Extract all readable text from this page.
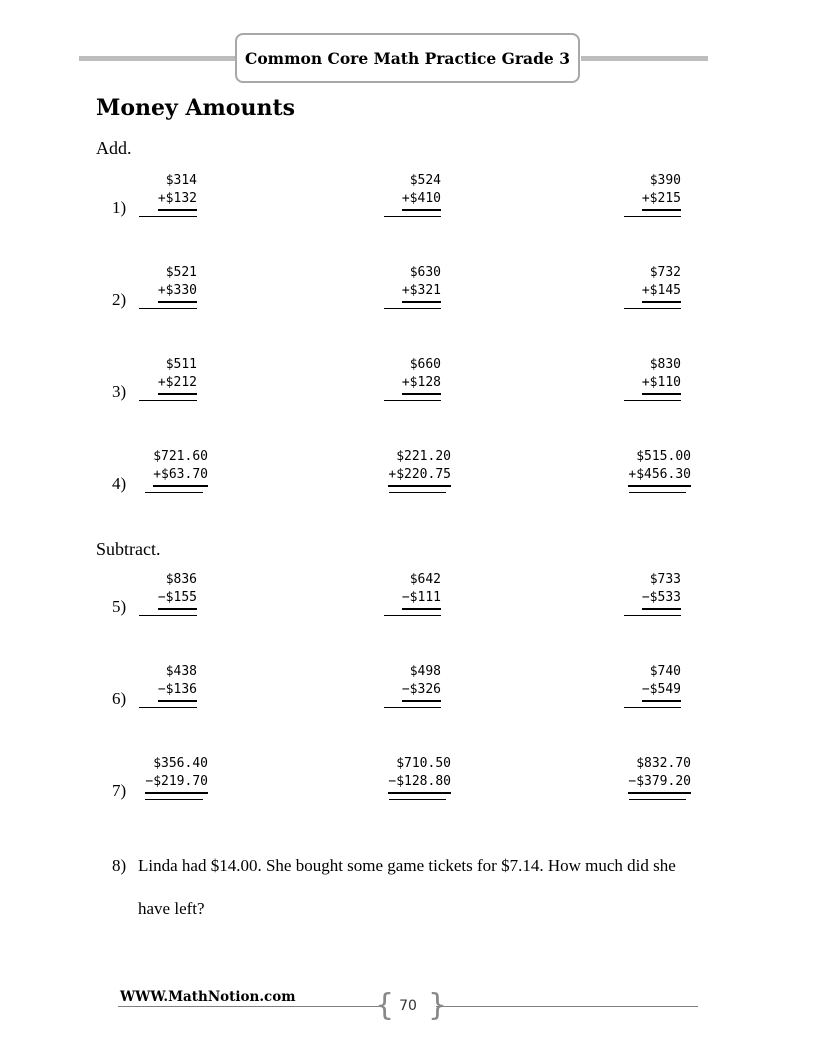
Common Core Math Practice Grade 3
Money Amounts
Add.
Subtract.
1)
$314
+$132
$524
+$410
$390
+$215
2)
$521
+$330
$630
+$321
$732
+$145
3)
$511
+$212
$660
+$128
$830
+$110
4)
$721.60
+$63.70
$221.20
+$220.75
$515.00
+$456.30
5)
$836
−$155
$642
−$111
$733
−$533
6)
$438
−$136
$498
−$326
$740
−$549
7)
$356.40
−$219.70
$710.50
−$128.80
$832.70
−$379.20
8) Linda had $14.00. She bought some game tickets for $7.14. How much did she have left?
WWW.MathNotion.com	{ }
70
